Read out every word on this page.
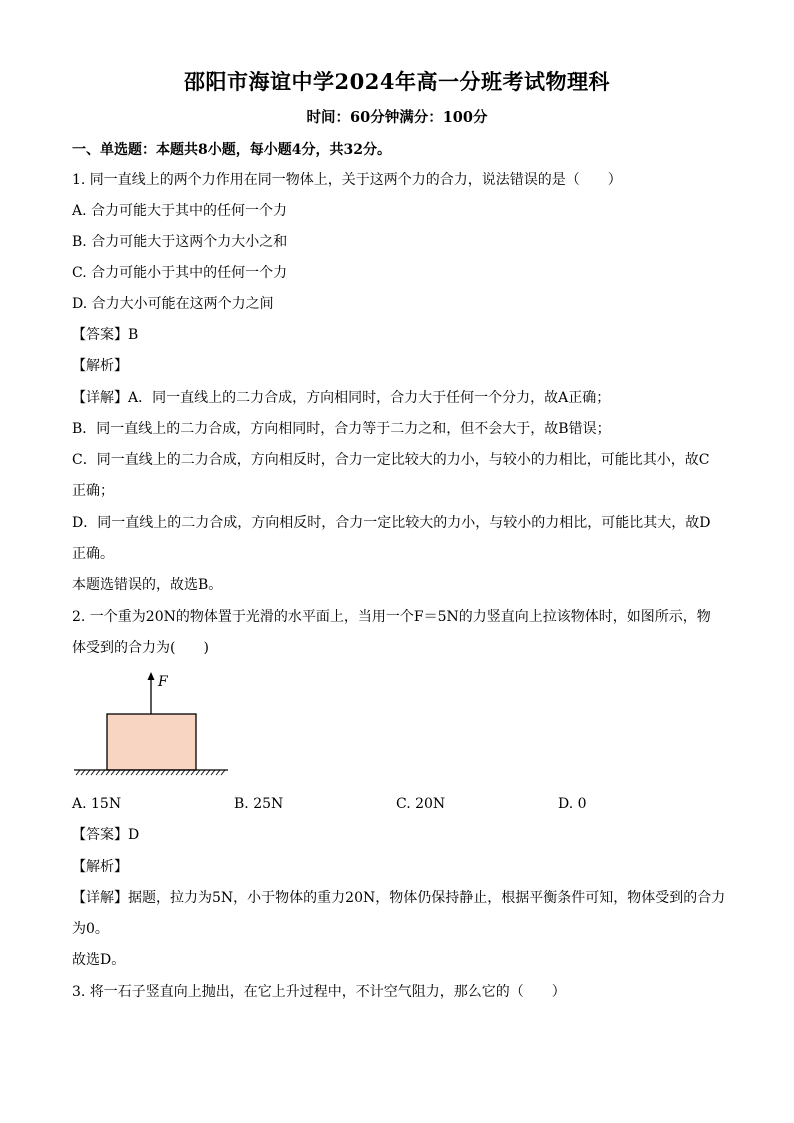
邵阳市海谊中学2024年高一分班考试物理科
时间：60分钟满分：100分
一、单选题：本题共8小题，每小题4分，共32分。
1. 同一直线上的两个力作用在同一物体上，关于这两个力的合力，说法错误的是（　　）
A. 合力可能大于其中的任何一个力
B. 合力可能大于这两个力大小之和
C. 合力可能小于其中的任何一个力
D. 合力大小可能在这两个力之间
【答案】B
【解析】
【详解】A．同一直线上的二力合成，方向相同时，合力大于任何一个分力，故A正确；
B．同一直线上的二力合成，方向相同时，合力等于二力之和，但不会大于，故B错误；
C．同一直线上的二力合成，方向相反时，合力一定比较大的力小，与较小的力相比，可能比其小，故C
正确；
D．同一直线上的二力合成，方向相反时，合力一定比较大的力小，与较小的力相比，可能比其大，故D
正确。
本题选错误的，故选B。
2. 一个重为20N的物体置于光滑的水平面上，当用一个F＝5N的力竖直向上拉该物体时，如图所示，物
体受到的合力为(　　)
F
A. 15N	B. 25N	C. 20N	D. 0
【答案】D
【解析】
【详解】据题，拉力为5N，小于物体的重力20N，物体仍保持静止，根据平衡条件可知，物体受到的合力
为0。
故选D。
3. 将一石子竖直向上抛出，在它上升过程中，不计空气阻力，那么它的（　　）
